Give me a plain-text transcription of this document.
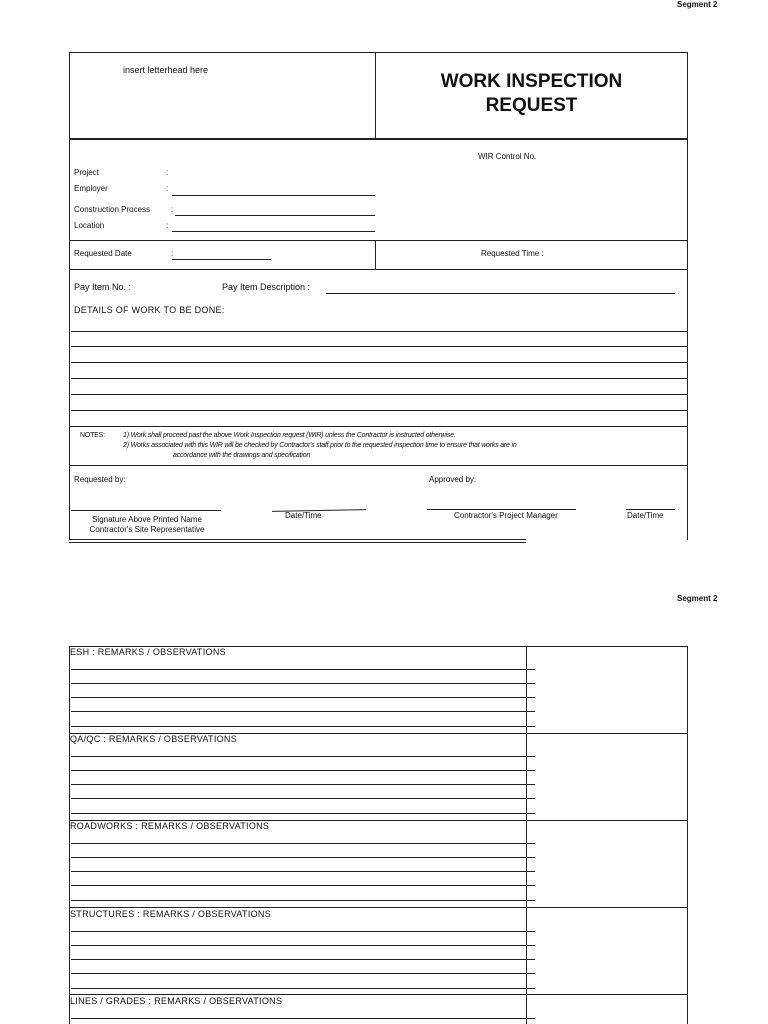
Segment 2
Segment 2
insert letterhead here
WORK INSPECTION
REQUEST
WIR Control No.
Project	:
Employer	:
Construction Process	:
Location	:
Requested Date	:	Requested Time :
Pay Item No. :	Pay Item Description :
DETAILS OF WORK TO BE DONE:
NOTES:	1) Work shall proceed past the above Work Inspection request (WIR) unless the Contractor is instructed otherwise.
2) Works associated with this WIR will be checked by Contractor's staff prior to the requested inspection time to ensure that works are in
accordance with the drawings and specification
Requested by:	Approved by:
Signature Above Printed Name
Contractor's Site Representative
Date/Time	Contractor's Project Manager	Date/Time
ESH : REMARKS / OBSERVATIONS
QA/QC : REMARKS / OBSERVATIONS
ROADWORKS : REMARKS / OBSERVATIONS
STRUCTURES : REMARKS / OBSERVATIONS
LINES / GRADES : REMARKS / OBSERVATIONS
